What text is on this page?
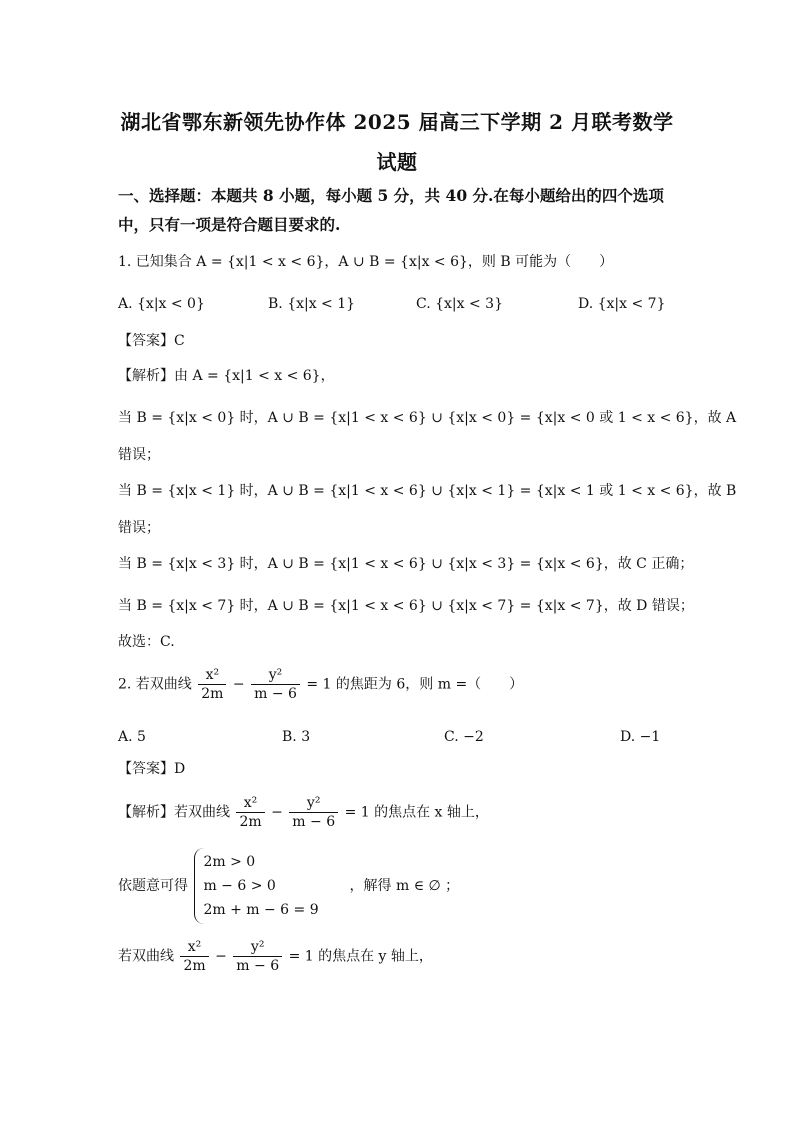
湖北省鄂东新领先协作体 2025 届高三下学期 2 月联考数学
试题
一、选择题：本题共 8 小题，每小题 5 分，共 40 分.在每小题给出的四个选项
中，只有一项是符合题目要求的.
1. 已知集合 A = {x|1 < x < 6}，A ∪ B = {x|x < 6}，则 B 可能为（　　）
A. {x|x < 0}	B. {x|x < 1}	C. {x|x < 3}	D. {x|x < 7}
【答案】C
【解析】由 A = {x|1 < x < 6}，
当 B = {x|x < 0} 时，A ∪ B = {x|1 < x < 6} ∪ {x|x < 0} = {x|x < 0 或 1 < x < 6}，故 A
错误；
当 B = {x|x < 1} 时，A ∪ B = {x|1 < x < 6} ∪ {x|x < 1} = {x|x < 1 或 1 < x < 6}，故 B
错误；
当 B = {x|x < 3} 时，A ∪ B = {x|1 < x < 6} ∪ {x|x < 3} = {x|x < 6}，故 C 正确；
当 B = {x|x < 7} 时，A ∪ B = {x|1 < x < 6} ∪ {x|x < 7} = {x|x < 7}，故 D 错误；
故选：C.
2. 若双曲线 $\frac{\text{x²}}{2m} - \frac{\text{y²}}{m - 6} = 1$ 的焦距为 6，则 m =（　　）
A. 5	B. 3	C. −2	D. −1
【答案】D
【解析】若双曲线 $\frac{\text{x²}}{2m} - \frac{\text{y²}}{m - 6} = 1$ 的焦点在 x 轴上，
依题意可得
2m > 0
m − 6 > 0
2m + m − 6 = 9
，解得 m ∈ ∅ ；
若双曲线 $\frac{\text{x²}}{2m} - \frac{\text{y²}}{m - 6} = 1$ 的焦点在 y 轴上，
